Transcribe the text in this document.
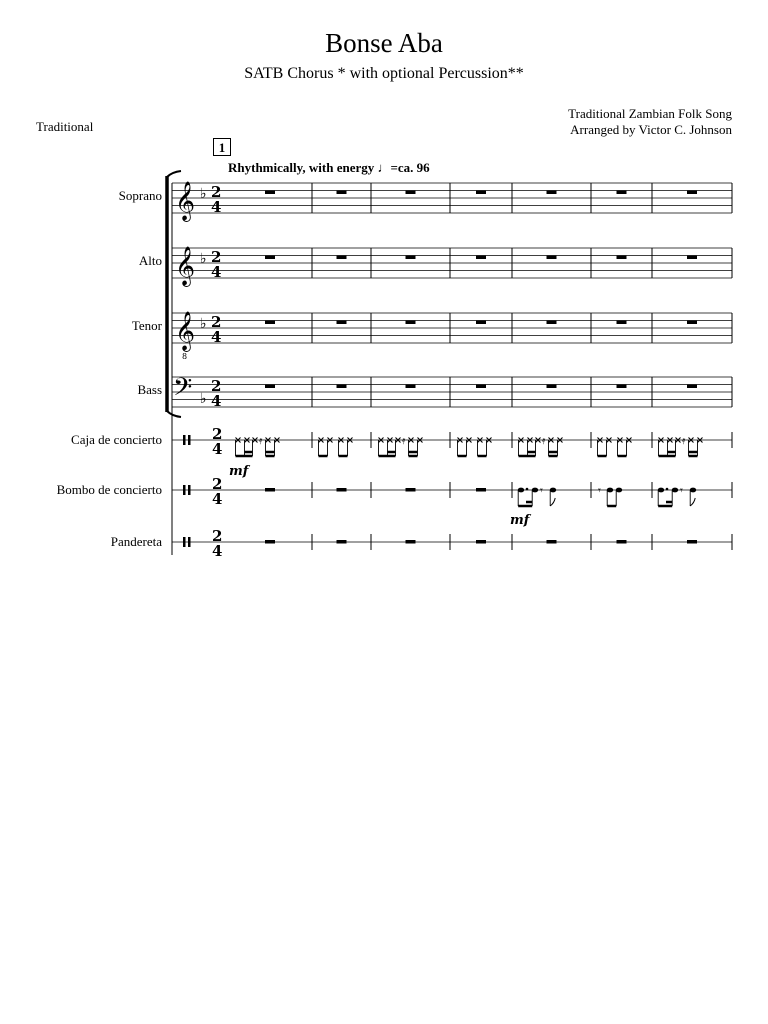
Bonse Aba
SATB Chorus * with optional Percussion**
Traditional Zambian Folk Song
Arranged by Victor C. Johnson
Traditional
1
Rhythmically, with energy ♩=ca. 96
Soprano
Alto
Tenor
Bass
Caja de concierto
Bombo de concierto
Pandereta
𝄞 ♭ 2
4
𝄞 ♭ 2
4
𝄞
8
♭ 2
4
𝄢 ♭
2
4
2
4
2
4
2
4
𝄿	𝄿	𝄿	𝄿
𝄾	𝄾	𝄾
mf
mf
